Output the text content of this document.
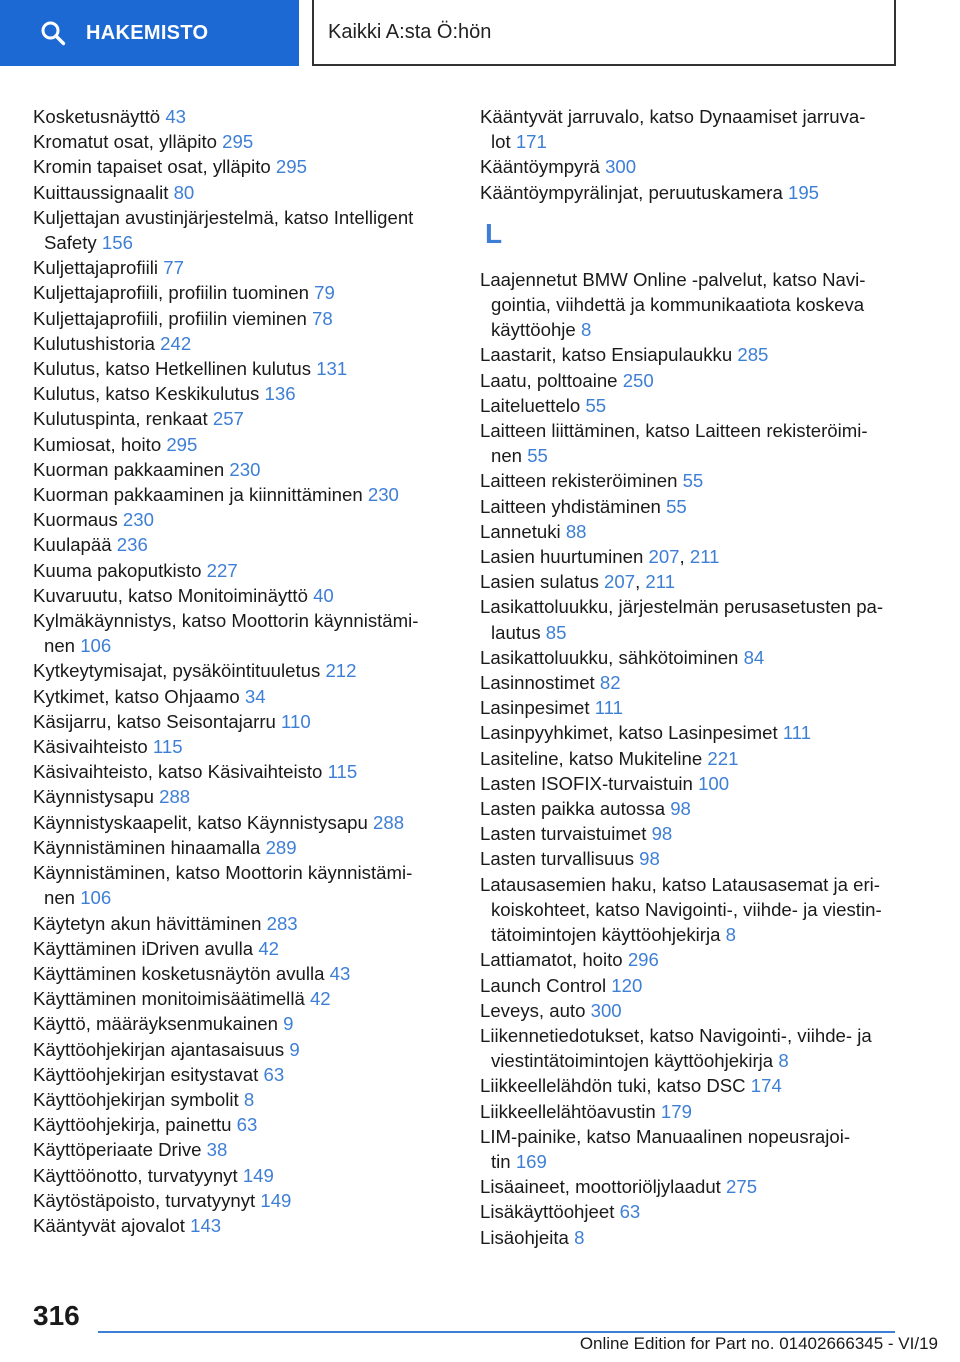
HAKEMISTO	Kaikki A:sta Ö:hön
Kosketusnäyttö 43
Kromatut osat, ylläpito 295
Kromin tapaiset osat, ylläpito 295
Kuittaussignaalit 80
Kuljettajan avustinjärjestelmä, katso Intelligent
Safety 156
Kuljettajaprofiili 77
Kuljettajaprofiili, profiilin tuominen 79
Kuljettajaprofiili, profiilin vieminen 78
Kulutushistoria 242
Kulutus, katso Hetkellinen kulutus 131
Kulutus, katso Keskikulutus 136
Kulutuspinta, renkaat 257
Kumiosat, hoito 295
Kuorman pakkaaminen 230
Kuorman pakkaaminen ja kiinnittäminen 230
Kuormaus 230
Kuulapää 236
Kuuma pakoputkisto 227
Kuvaruutu, katso Monitoiminäyttö 40
Kylmäkäynnistys, katso Moottorin käynnistämi-
nen 106
Kytkeytymisajat, pysäköintituuletus 212
Kytkimet, katso Ohjaamo 34
Käsijarru, katso Seisontajarru 110
Käsivaihteisto 115
Käsivaihteisto, katso Käsivaihteisto 115
Käynnistysapu 288
Käynnistyskaapelit, katso Käynnistysapu 288
Käynnistäminen hinaamalla 289
Käynnistäminen, katso Moottorin käynnistämi-
nen 106
Käytetyn akun hävittäminen 283
Käyttäminen iDriven avulla 42
Käyttäminen kosketusnäytön avulla 43
Käyttäminen monitoimisäätimellä 42
Käyttö, määräyksenmukainen 9
Käyttöohjekirjan ajantasaisuus 9
Käyttöohjekirjan esitystavat 63
Käyttöohjekirjan symbolit 8
Käyttöohjekirja, painettu 63
Käyttöperiaate Drive 38
Käyttöönotto, turvatyynyt 149
Käytöstäpoisto, turvatyynyt 149
Kääntyvät ajovalot 143
Kääntyvät jarruvalo, katso Dynaamiset jarruva-
lot 171
Kääntöympyrä 300
Kääntöympyrälinjat, peruutuskamera 195
L
Laajennetut BMW Online -palvelut, katso Navi-
gointia, viihdettä ja kommunikaatiota koskeva
käyttöohje 8
Laastarit, katso Ensiapulaukku 285
Laatu, polttoaine 250
Laiteluettelo 55
Laitteen liittäminen, katso Laitteen rekisteröimi-
nen 55
Laitteen rekisteröiminen 55
Laitteen yhdistäminen 55
Lannetuki 88
Lasien huurtuminen 207, 211
Lasien sulatus 207, 211
Lasikattoluukku, järjestelmän perusasetusten pa-
lautus 85
Lasikattoluukku, sähkötoiminen 84
Lasinnostimet 82
Lasinpesimet 111
Lasinpyyhkimet, katso Lasinpesimet 111
Lasiteline, katso Mukiteline 221
Lasten ISOFIX-turvaistuin 100
Lasten paikka autossa 98
Lasten turvaistuimet 98
Lasten turvallisuus 98
Latausasemien haku, katso Latausasemat ja eri-
koiskohteet, katso Navigointi-, viihde- ja viestin-
tätoimintojen käyttöohjekirja 8
Lattiamatot, hoito 296
Launch Control 120
Leveys, auto 300
Liikennetiedotukset, katso Navigointi-, viihde- ja
viestintätoimintojen käyttöohjekirja 8
Liikkeellelähdön tuki, katso DSC 174
Liikkeellelähtöavustin 179
LIM-painike, katso Manuaalinen nopeusrajoi-
tin 169
Lisäaineet, moottoriöljylaadut 275
Lisäkäyttöohjeet 63
Lisäohjeita 8
316
Online Edition for Part no. 01402666345 - VI/19
